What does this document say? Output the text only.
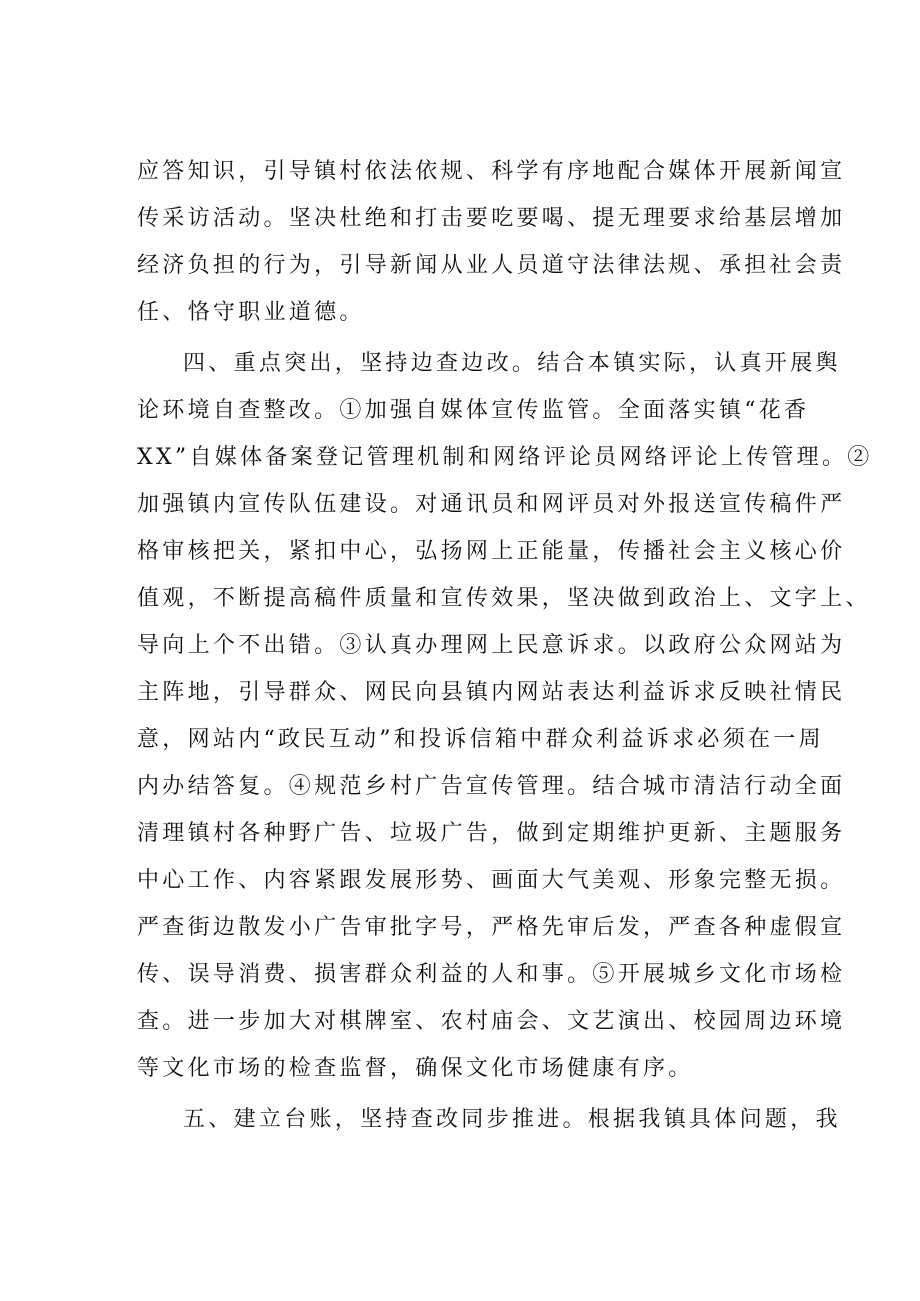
应答知识，引导镇村依法依规、科学有序地配合媒体开展新闻宣
传采访活动。坚决杜绝和打击要吃要喝、提无理要求给基层增加
经济负担的行为，引导新闻从业人员道守法律法规、承担社会责
任、恪守职业道德。
四、重点突出，坚持边查边改。结合本镇实际，认真开展舆
论环境自查整改。①加强自媒体宣传监管。全面落实镇“花香
XX”自媒体备案登记管理机制和网络评论员网络评论上传管理。②
加强镇内宣传队伍建设。对通讯员和网评员对外报送宣传稿件严
格审核把关，紧扣中心，弘扬网上正能量，传播社会主义核心价
值观，不断提高稿件质量和宣传效果，坚决做到政治上、文字上、
导向上个不出错。③认真办理网上民意诉求。以政府公众网站为
主阵地，引导群众、网民向县镇内网站表达利益诉求反映社情民
意，网站内“政民互动”和投诉信箱中群众利益诉求必须在一周
内办结答复。④规范乡村广告宣传管理。结合城市清洁行动全面
清理镇村各种野广告、垃圾广告，做到定期维护更新、主题服务
中心工作、内容紧跟发展形势、画面大气美观、形象完整无损。
严查街边散发小广告审批字号，严格先审后发，严查各种虚假宣
传、误导消费、损害群众利益的人和事。⑤开展城乡文化市场检
查。进一步加大对棋牌室、农村庙会、文艺演出、校园周边环境
等文化市场的检查监督，确保文化市场健康有序。
五、建立台账，坚持查改同步推进。根据我镇具体问题，我
